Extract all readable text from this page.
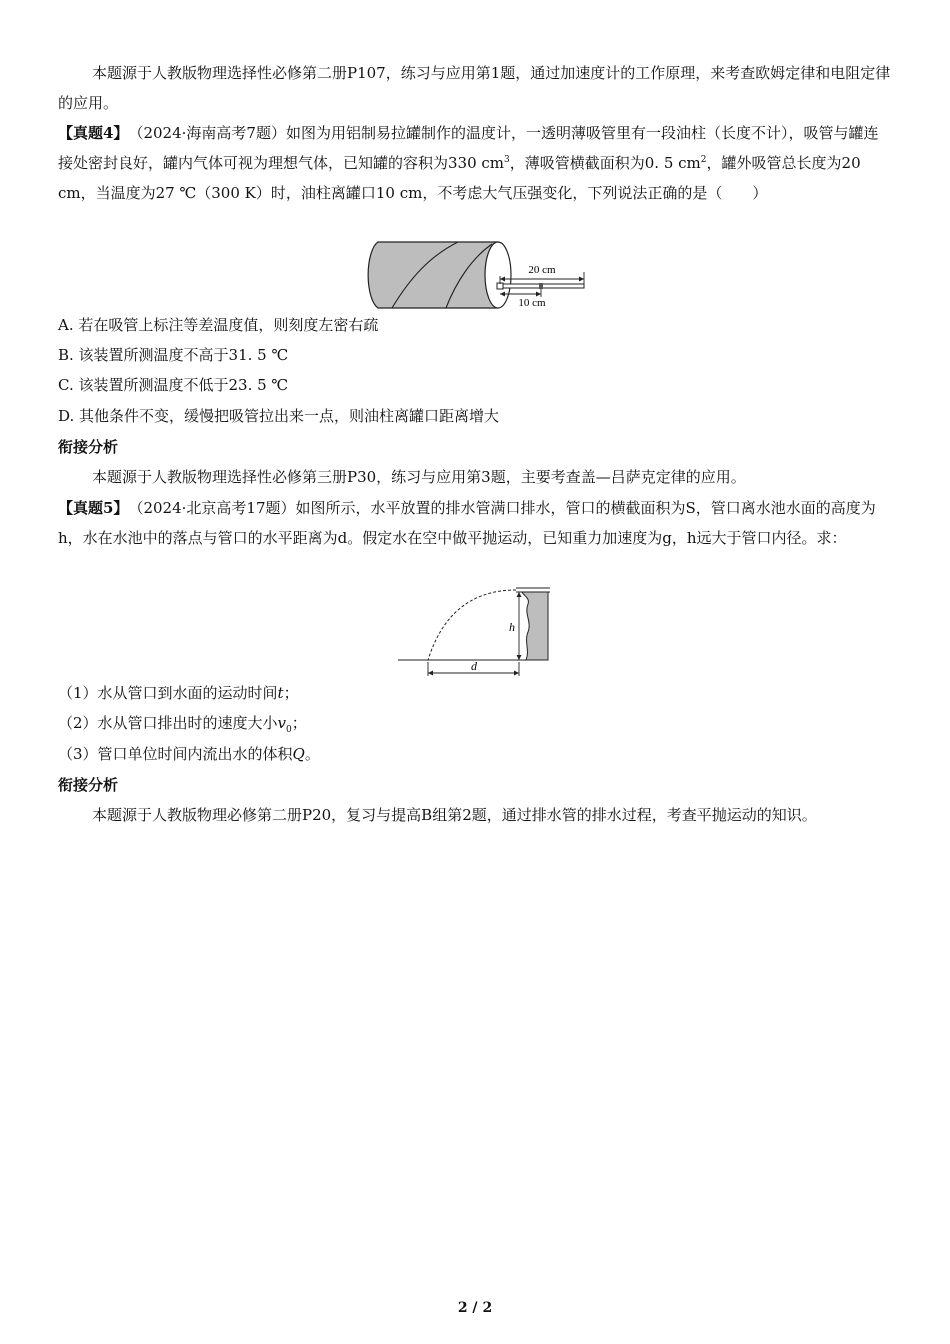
本题源于人教版物理选择性必修第二册P107，练习与应用第1题，通过加速度计的工作原理，来考查欧姆定律和电阻定律的应用。

【真题4】　 （2024·海南高考7题）如图为用铝制易拉罐制作的温度计，一透明薄吸管里有一段油柱（长度不计），吸管与罐连接处密封良好，罐内气体可视为理想气体，已知罐的容积为330 $cm^3$，薄吸管横截面积为0. 5 $cm^2$，罐外吸管总长度为20 cm，当温度为27 ℃（300 K）时，油柱离罐口10 cm，不考虑大气压强变化，下列说法正确的是（　　）

20 cm
10 cm

A. 若在吸管上标注等差温度值，则刻度左密右疏

B. 该装置所测温度不高于31. 5 ℃

C. 该装置所测温度不低于23. 5 ℃

D. 其他条件不变，缓慢把吸管拉出来一点，则油柱离罐口距离增大

衔接分析

本题源于人教版物理选择性必修第三册P30，练习与应用第3题，主要考查盖—吕萨克定律的应用。

【真题5】　 （2024·北京高考17题）如图所示，水平放置的排水管满口排水，管口的横截面积为S，管口离水池水面的高度为h，水在水池中的落点与管口的水平距离为d。假定水在空中做平抛运动，已知重力加速度为g，h远大于管口内径。求：

h
d

（1）水从管口到水面的运动时间t；

（2）水从管口排出时的速度大小$v_0$；

（3）管口单位时间内流出水的体积Q。

衔接分析

本题源于人教版物理必修第二册P20，复习与提高B组第2题，通过排水管的排水过程，考查平抛运动的知识。

2 / 2
